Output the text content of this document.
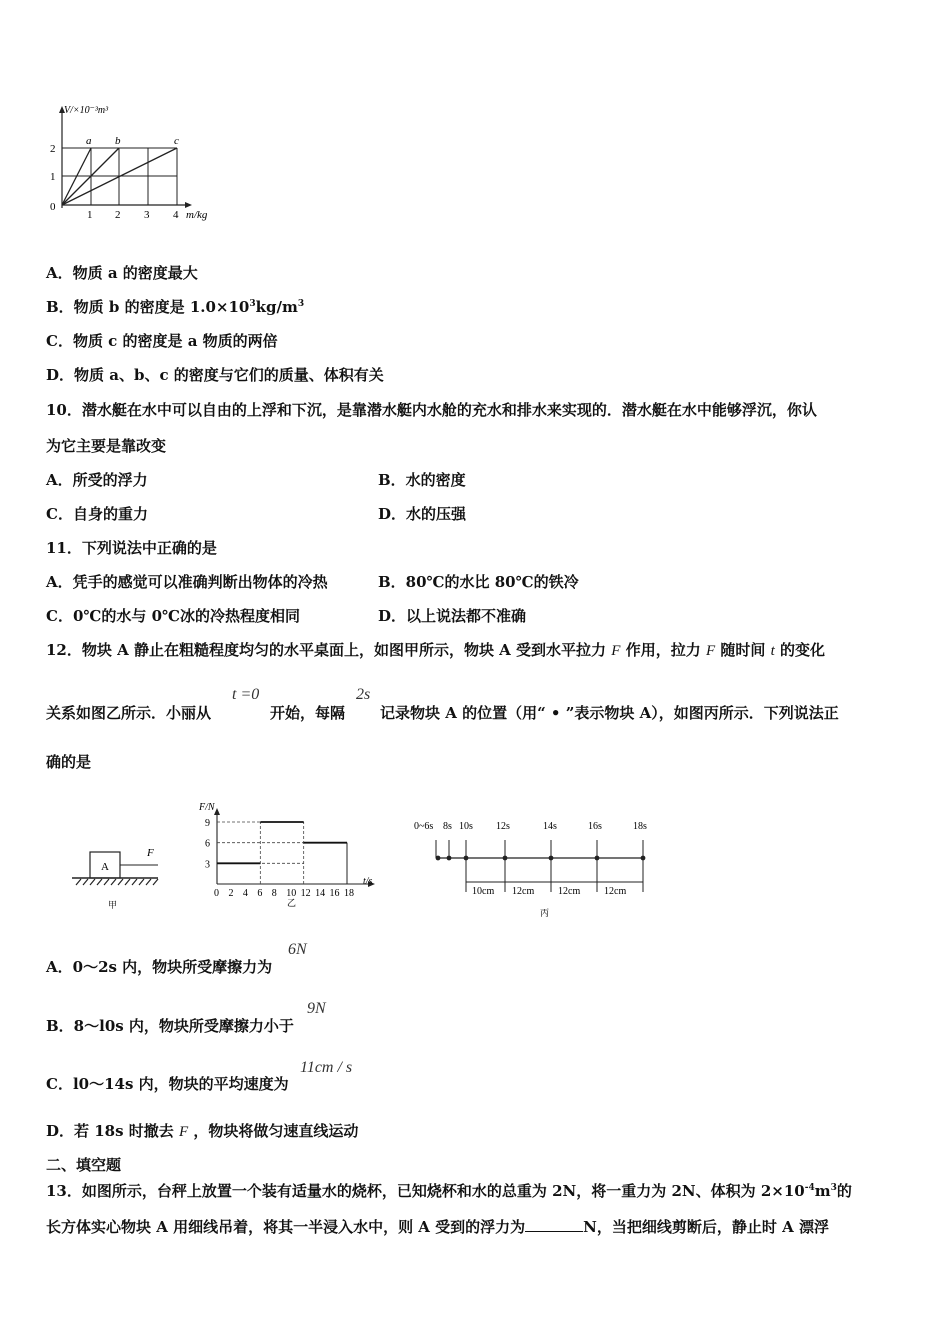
V/×10⁻³m³
m/kg
0
1
2
1 2 3 4
a b	c
A．物质 a 的密度最大
B．物质 b 的密度是 $1.0\times 10^3kg/m^3$
C．物质 c 的密度是 a 物质的两倍
D．物质 a、b、c 的密度与它们的质量、体积有关
10．潜水艇在水中可以自由的上浮和下沉，是靠潜水艇内水舱的充水和排水来实现的．潜水艇在水中能够浮沉，你认
为它主要是靠改变
A．所受的浮力	B．水的密度
C．自身的重力	D．水的压强
11．下列说法中正确的是
A．凭手的感觉可以准确判断出物体的冷热	B．80℃的水比 80℃的铁冷
C．0℃的水与 0℃冰的冷热程度相同	D．以上说法都不准确
12．物块 A 静止在粗糙程度均匀的水平桌面上，如图甲所示，物块 A 受到水平拉力 F 作用，拉力 F 随时间 t 的变化
关系如图乙所示．小丽从
t =0
开始，每隔
2s
记录物块 A 的位置（用“ • ”表示物块 A），如图丙所示．下列说法正
确的是
A
F
甲
F/N
t/s
9
6
3
0 2 4 6 8 10 12 14 16 18
乙
0~6s 8s 10s 12s	14s	16s	18s
10cm 12cm 12cm 12cm
丙
A．0～2s 内，物块所受摩擦力为
6N
B．8～l0s 内，物块所受摩擦力小于
9N
C．l0～14s 内，物块的平均速度为
11cm / s
D．若 18s 时撤去 F ，物块将做匀速直线运动
二、填空题
13．如图所示，台秤上放置一个装有适量水的烧杯，已知烧杯和水的总重为 2N，将一重力为 2N、体积为 $2\times 10^{-4}m^3$的
长方体实心物块 A 用细线吊着，将其一半浸入水中，则 A 受到的浮力为	N，当把细线剪断后，静止时 A 漂浮
